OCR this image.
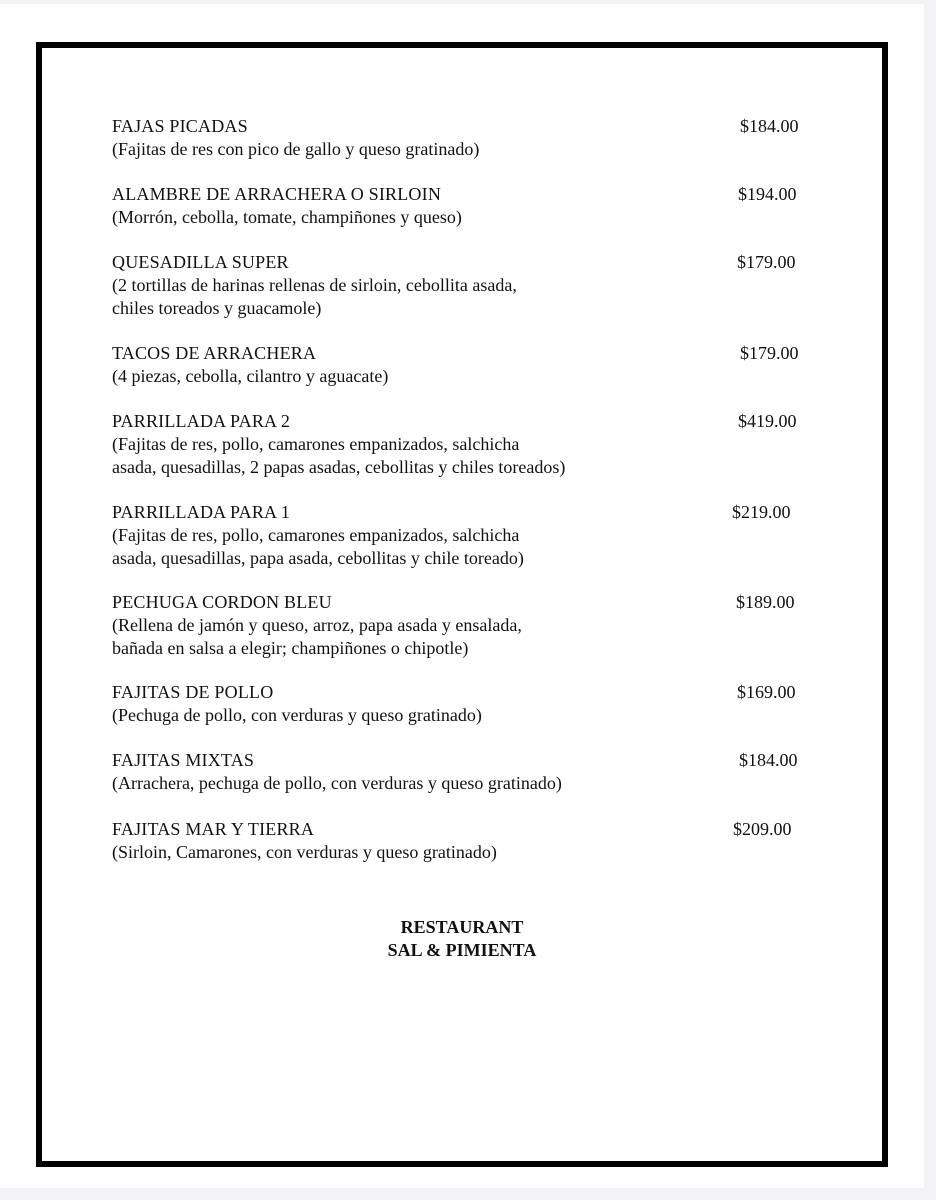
FAJAS PICADAS
(Fajitas de res con pico de gallo y queso gratinado)
$184.00
ALAMBRE DE ARRACHERA O SIRLOIN
(Morrón, cebolla, tomate, champiñones y queso)
$194.00
QUESADILLA SUPER
(2 tortillas de harinas rellenas de sirloin, cebollita asada,
chiles toreados y guacamole)
$179.00
TACOS DE ARRACHERA
(4 piezas, cebolla, cilantro y aguacate)
$179.00
PARRILLADA PARA 2
(Fajitas de res, pollo, camarones empanizados, salchicha
asada, quesadillas, 2 papas asadas, cebollitas y chiles toreados)
$419.00
PARRILLADA PARA 1
(Fajitas de res, pollo, camarones empanizados, salchicha
asada, quesadillas, papa asada, cebollitas y chile toreado)
$219.00
PECHUGA CORDON BLEU
(Rellena de jamón y queso, arroz, papa asada y ensalada,
bañada en salsa a elegir; champiñones o chipotle)
$189.00
FAJITAS DE POLLO
(Pechuga de pollo, con verduras y queso gratinado)
$169.00
FAJITAS MIXTAS
(Arrachera, pechuga de pollo, con verduras y queso gratinado)
$184.00
FAJITAS MAR Y TIERRA
(Sirloin, Camarones, con verduras y queso gratinado)
$209.00
RESTAURANT
SAL & PIMIENTA
